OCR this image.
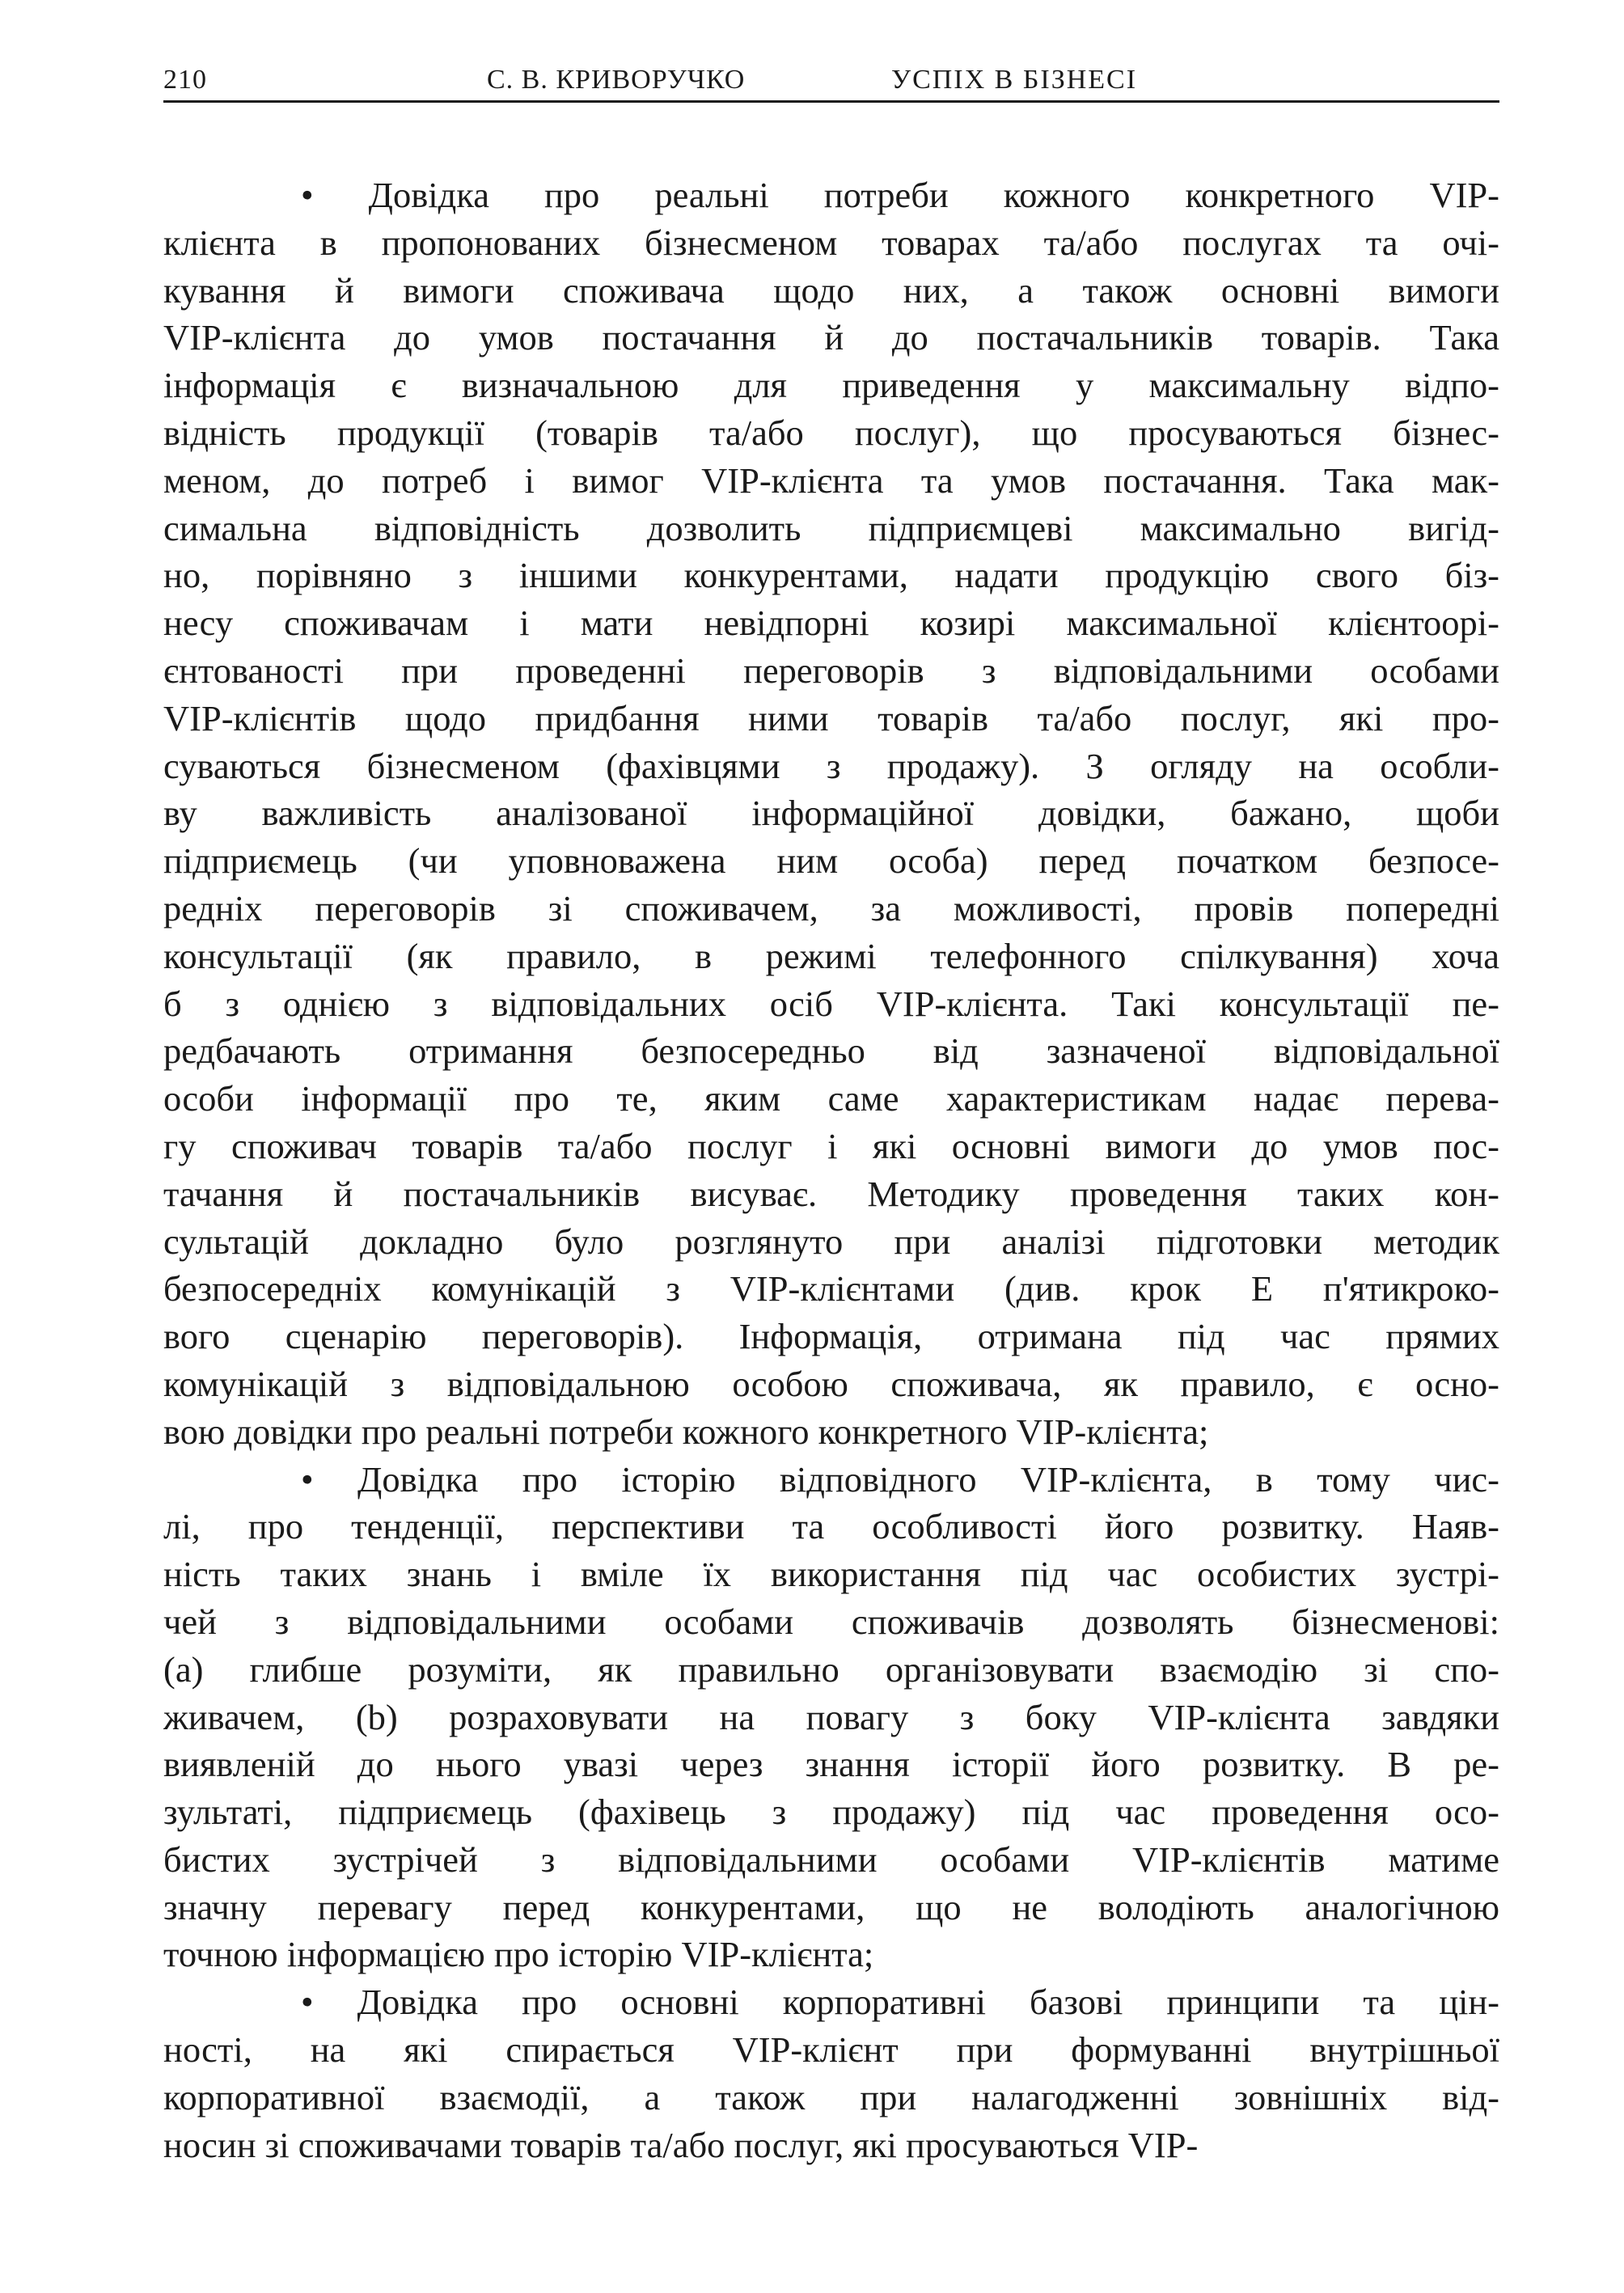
210	С. В. КРИВОРУЧКО	УСПІХ В БІЗНЕСІ
• Довідка про реальні потреби кожного конкретного VIP-
клієнта в пропонованих бізнесменом товарах та/або послугах та очі-
кування й вимоги споживача щодо них, а також основні вимоги
VIP-клієнта до умов постачання й до постачальників товарів. Така
інформація є визначальною для приведення у максимальну відпо-
відність продукції (товарів та/або послуг), що просуваються бізнес-
меном, до потреб і вимог VIP-клієнта та умов постачання. Така мак-
симальна відповідність дозволить підприємцеві максимально вигід-
но, порівняно з іншими конкурентами, надати продукцію свого біз-
несу споживачам і мати невідпорні козирі максимальної клієнтоорі-
єнтованості при проведенні переговорів з відповідальними особами
VIP-клієнтів щодо придбання ними товарів та/або послуг, які про-
суваються бізнесменом (фахівцями з продажу). З огляду на особли-
ву важливість аналізованої інформаційної довідки, бажано, щоби
підприємець (чи уповноважена ним особа) перед початком безпосе-
редніх переговорів зі споживачем, за можливості, провів попередні
консультації (як правило, в режимі телефонного спілкування) хоча
б з однією з відповідальних осіб VIP-клієнта. Такі консультації пе-
редбачають отримання безпосередньо від зазначеної відповідальної
особи інформації про те, яким саме характеристикам надає перева-
гу споживач товарів та/або послуг і які основні вимоги до умов пос-
тачання й постачальників висуває. Методику проведення таких кон-
сультацій докладно було розглянуто при аналізі підготовки методик
безпосередніх комунікацій з VIP-клієнтами (див. крок Е п'ятикроко-
вого сценарію переговорів). Інформація, отримана під час прямих
комунікацій з відповідальною особою споживача, як правило, є осно-
вою довідки про реальні потреби кожного конкретного VIP-клієнта;
• Довідка про історію відповідного VIP-клієнта, в тому чис-
лі, про тенденції, перспективи та особливості його розвитку. Наяв-
ність таких знань і вміле їх використання під час особистих зустрі-
чей з відповідальними особами споживачів дозволять бізнесменові:
(a) глибше розуміти, як правильно організовувати взаємодію зі спо-
живачем, (b) розраховувати на повагу з боку VIP-клієнта завдяки
виявленій до нього увазі через знання історії його розвитку. В ре-
зультаті, підприємець (фахівець з продажу) під час проведення осо-
бистих зустрічей з відповідальними особами VIP-клієнтів матиме
значну перевагу перед конкурентами, що не володіють аналогічною
точною інформацією про історію VIP-клієнта;
• Довідка про основні корпоративні базові принципи та цін-
ності, на які спирається VIP-клієнт при формуванні внутрішньої
корпоративної взаємодії, а також при налагодженні зовнішніх від-
носин зі споживачами товарів та/або послуг, які просуваються VIP-
